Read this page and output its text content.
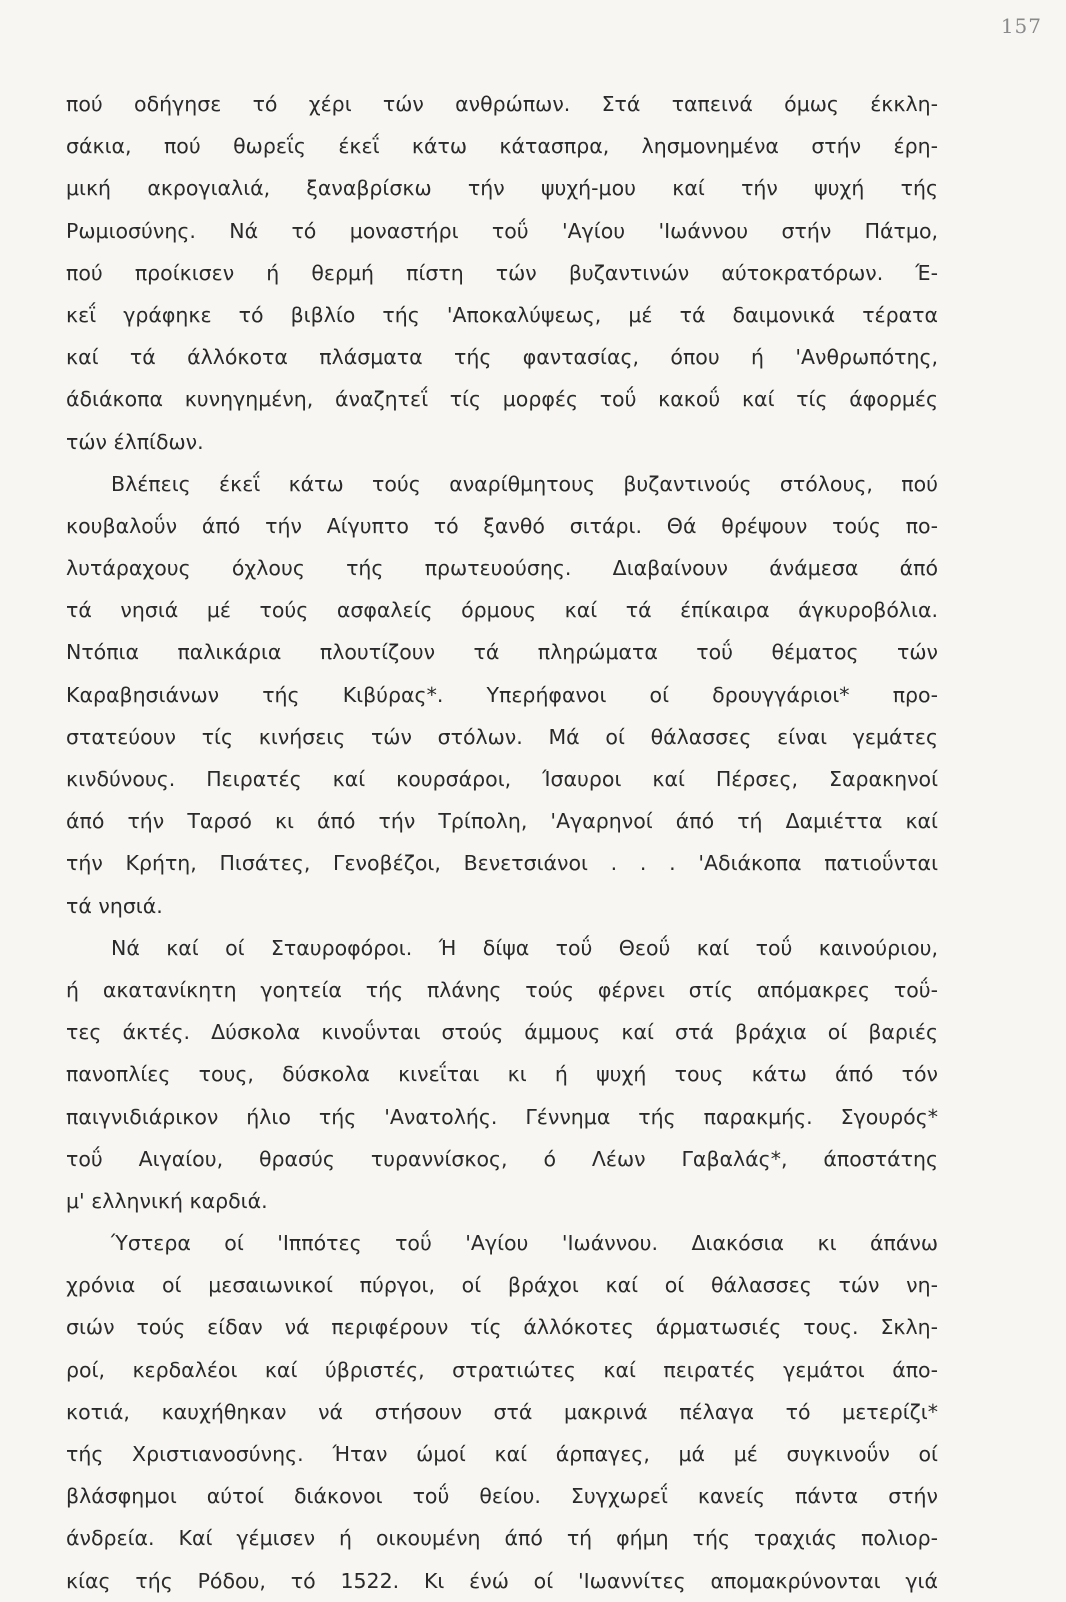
157
πού οδήγησε τό χέρι τών ανθρώπων. Στά ταπεινά όμως έκκλη-
σάκια, πού θωρεΐς έκεΐ κάτω κάτασπρα, λησμονημένα στήν έρη-
μική ακρογιαλιά, ξαναβρίσκω τήν ψυχή-μου καί τήν ψυχή τής
Ρωμιοσύνης. Νά τό μοναστήρι τοΰ 'Αγίου 'Ιωάννου στήν Πάτμο,
πού προίκισεν ή θερμή πίστη τών βυζαντινών αύτοκρατόρων. Έ-
κεΐ γράφηκε τό βιβλίο τής 'Αποκαλύψεως, μέ τά δαιμονικά τέρατα
καί τά άλλόκοτα πλάσματα τής φαντασίας, όπου ή 'Ανθρωπότης,
άδιάκοπα κυνηγημένη, άναζητεΐ τίς μορφές τοΰ κακοΰ καί τίς άφορμές
τών έλπίδων.
Βλέπεις έκεΐ κάτω τούς αναρίθμητους βυζαντινούς στόλους, πού
κουβαλοΰν άπό τήν Αίγυπτο τό ξανθό σιτάρι. Θά θρέψουν τούς πο-
λυτάραχους όχλους τής πρωτευούσης. Διαβαίνουν άνάμεσα άπό
τά νησιά μέ τούς ασφαλείς όρμους καί τά έπίκαιρα άγκυροβόλια.
Ντόπια παλικάρια πλουτίζουν τά πληρώματα τοΰ θέματος τών
Καραβησιάνων τής Κιβύρας*. Υπερήφανοι οί δρουγγάριοι* προ-
στατεύουν τίς κινήσεις τών στόλων. Μά οί θάλασσες είναι γεμάτες
κινδύνους. Πειρατές καί κουρσάροι, Ίσαυροι καί Πέρσες, Σαρακηνοί
άπό τήν Ταρσό κι άπό τήν Τρίπολη, 'Αγαρηνοί άπό τή Δαμιέττα καί
τήν Κρήτη, Πισάτες, Γενοβέζοι, Βενετσιάνοι . . . 'Αδιάκοπα πατιοΰνται
τά νησιά.
Νά καί οί Σταυροφόροι. Ή δίψα τοΰ Θεοΰ καί τοΰ καινούριου,
ή ακατανίκητη γοητεία τής πλάνης τούς φέρνει στίς απόμακρες τοΰ-
τες άκτές. Δύσκολα κινοΰνται στούς άμμους καί στά βράχια οί βαριές
πανοπλίες τους, δύσκολα κινεΐται κι ή ψυχή τους κάτω άπό τόν
παιγνιδιάρικον ήλιο τής 'Ανατολής. Γέννημα τής παρακμής. Σγουρός*
τοΰ Αιγαίου, θρασύς τυραννίσκος, ό Λέων Γαβαλάς*, άποστάτης
μ' ελληνική καρδιά.
Ύστερα οί 'Ιππότες τοΰ 'Αγίου 'Ιωάννου. Διακόσια κι άπάνω
χρόνια οί μεσαιωνικοί πύργοι, οί βράχοι καί οί θάλασσες τών νη-
σιών τούς είδαν νά περιφέρουν τίς άλλόκοτες άρματωσιές τους. Σκλη-
ροί, κερδαλέοι καί ύβριστές, στρατιώτες καί πειρατές γεμάτοι άπο-
κοτιά, καυχήθηκαν νά στήσουν στά μακρινά πέλαγα τό μετερίζι*
τής Χριστιανοσύνης. Ήταν ώμοί καί άρπαγες, μά μέ συγκινοΰν οί
βλάσφημοι αύτοί διάκονοι τοΰ θείου. Συγχωρεΐ κανείς πάντα στήν
άνδρεία. Καί γέμισεν ή οικουμένη άπό τή φήμη τής τραχιάς πολιορ-
κίας τής Ρόδου, τό 1522. Κι ένώ οί 'Ιωαννίτες απομακρύνονται γιά
